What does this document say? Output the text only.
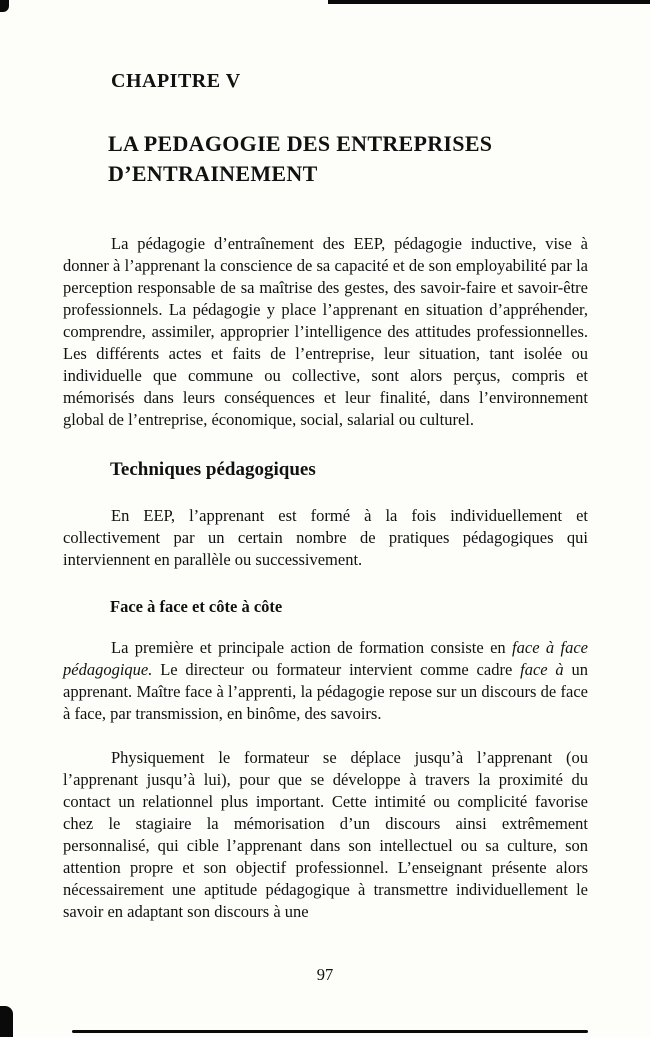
CHAPITRE V
LA PEDAGOGIE DES ENTREPRISES
D’ENTRAINEMENT

La pédagogie d’entraînement des EEP, pédagogie inductive, vise à donner à l’apprenant la conscience de sa capacité et de son employabilité par la perception responsable de sa maîtrise des gestes, des savoir-faire et savoir-être professionnels. La pédagogie y place l’apprenant en situation d’appréhender, comprendre, assimiler, approprier l’intelligence des attitudes professionnelles. Les différents actes et faits de l’entreprise, leur situation, tant isolée ou individuelle que commune ou collective, sont alors perçus, compris et mémorisés dans leurs conséquences et leur finalité, dans l’environnement global de l’entreprise, économique, social, salarial ou culturel.

Techniques pédagogiques

En EEP, l’apprenant est formé à la fois individuellement et collectivement par un certain nombre de pratiques pédagogiques qui interviennent en parallèle ou successivement.

Face à face et côte à côte

La première et principale action de formation consiste en face à face pédagogique. Le directeur ou formateur intervient comme cadre face à un apprenant. Maître face à l’apprenti, la pédagogie repose sur un discours de face à face, par transmission, en binôme, des savoirs.

Physiquement le formateur se déplace jusqu’à l’apprenant (ou l’apprenant jusqu’à lui), pour que se développe à travers la proximité du contact un relationnel plus important. Cette intimité ou complicité favorise chez le stagiaire la mémorisation d’un discours ainsi extrêmement personnalisé, qui cible l’apprenant dans son intellectuel ou sa culture, son attention propre et son objectif professionnel. L’enseignant présente alors nécessairement une aptitude pédagogique à transmettre individuellement le savoir en adaptant son discours à une

97
